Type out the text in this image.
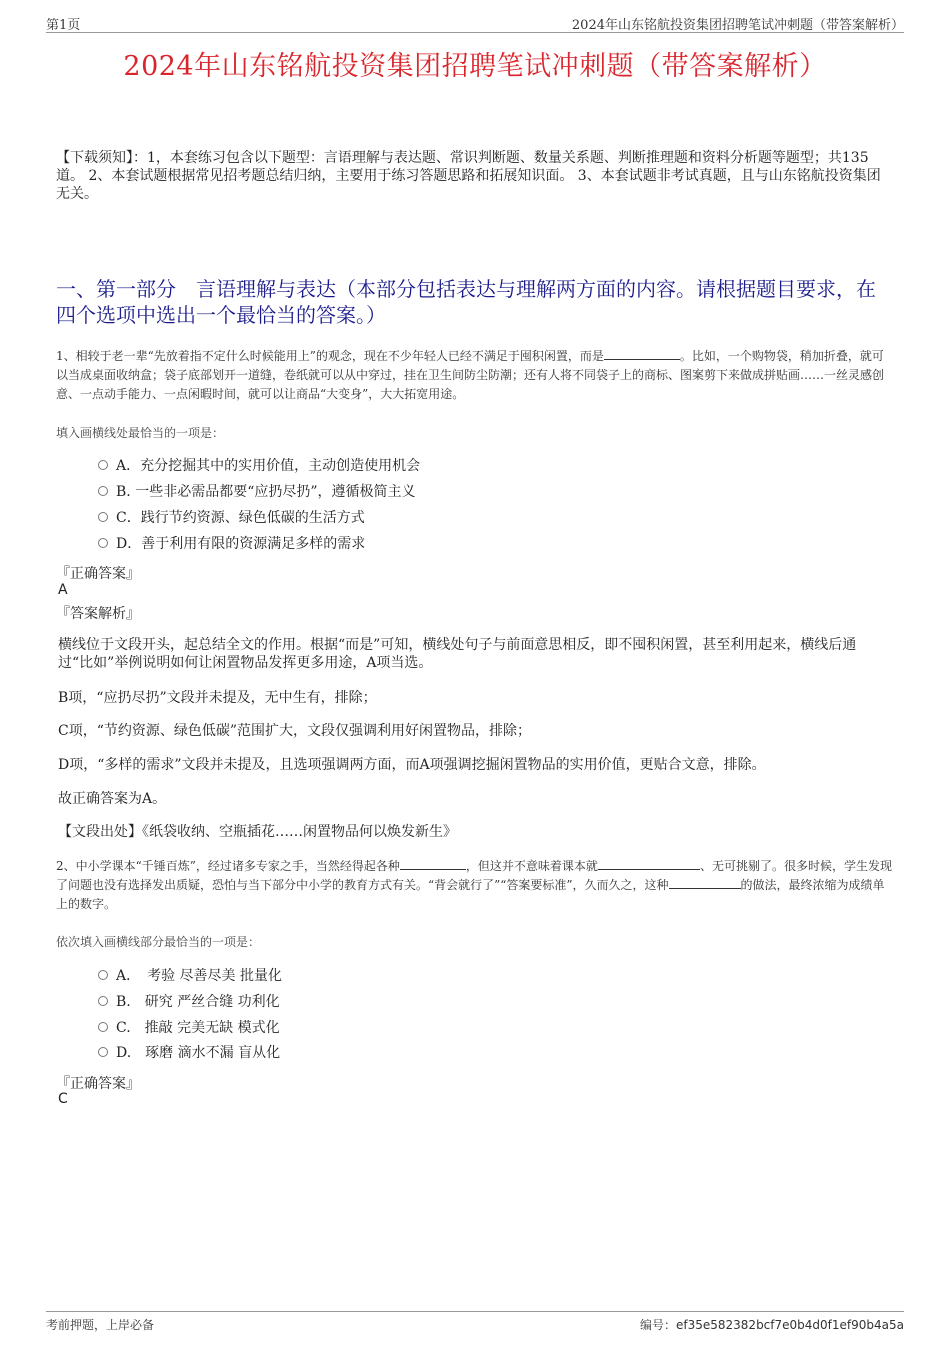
第1页	2024年山东铭航投资集团招聘笔试冲刺题（带答案解析）
2024年山东铭航投资集团招聘笔试冲刺题（带答案解析）
【下载须知】：1，本套练习包含以下题型：言语理解与表达题、常识判断题、数量关系题、判断推理题和资料分析题等题型；共135道。 2、本套试题根据常见招考题总结归纳，主要用于练习答题思路和拓展知识面。 3、本套试题非考试真题，且与山东铭航投资集团无关。
一、第一部分　言语理解与表达（本部分包括表达与理解两方面的内容。请根据题目要求，在四个选项中选出一个最恰当的答案。）
1、相较于老一辈“先放着指不定什么时候能用上”的观念，现在不少年轻人已经不满足于囤积闲置，而是	。比如，一个购物袋，稍加折叠，就可以当成桌面收纳盒；袋子底部划开一道缝，卷纸就可以从中穿过，挂在卫生间防尘防潮；还有人将不同袋子上的商标、图案剪下来做成拼贴画……一丝灵感创意、一点动手能力、一点闲暇时间，就可以让商品“大变身”，大大拓宽用途。
填入画横线处最恰当的一项是：
A．充分挖掘其中的实用价值，主动创造使用机会
B. 一些非必需品都要“应扔尽扔”，遵循极简主义
C．践行节约资源、绿色低碳的生活方式
D．善于利用有限的资源满足多样的需求
『正确答案』
A
『答案解析』
横线位于文段开头，起总结全文的作用。根据“而是”可知，横线处句子与前面意思相反，即不囤积闲置，甚至利用起来，横线后通过“比如”举例说明如何让闲置物品发挥更多用途，A项当选。
B项，“应扔尽扔”文段并未提及，无中生有，排除；
C项，“节约资源、绿色低碳”范围扩大，文段仅强调利用好闲置物品，排除；
D项，“多样的需求”文段并未提及，且选项强调两方面，而A项强调挖掘闲置物品的实用价值，更贴合文意，排除。
故正确答案为A。
【文段出处】《纸袋收纳、空瓶插花……闲置物品何以焕发新生》
2、中小学课本“千锤百炼”，经过诸多专家之手，当然经得起各种	，但这并不意味着课本就	、无可挑剔了。很多时候，学生发现了问题也没有选择发出质疑，恐怕与当下部分中小学的教育方式有关。“背会就行了”“答案要标准”，久而久之，这种	的做法，最终浓缩为成绩单上的数字。
依次填入画横线部分最恰当的一项是：
A．　考验 尽善尽美 批量化
B.　研究 严丝合缝 功利化
C.　推敲 完美无缺 模式化
D.　琢磨 滴水不漏 盲从化
『正确答案』
C
考前押题，上岸必备	编号：ef35e582382bcf7e0b4d0f1ef90b4a5a
